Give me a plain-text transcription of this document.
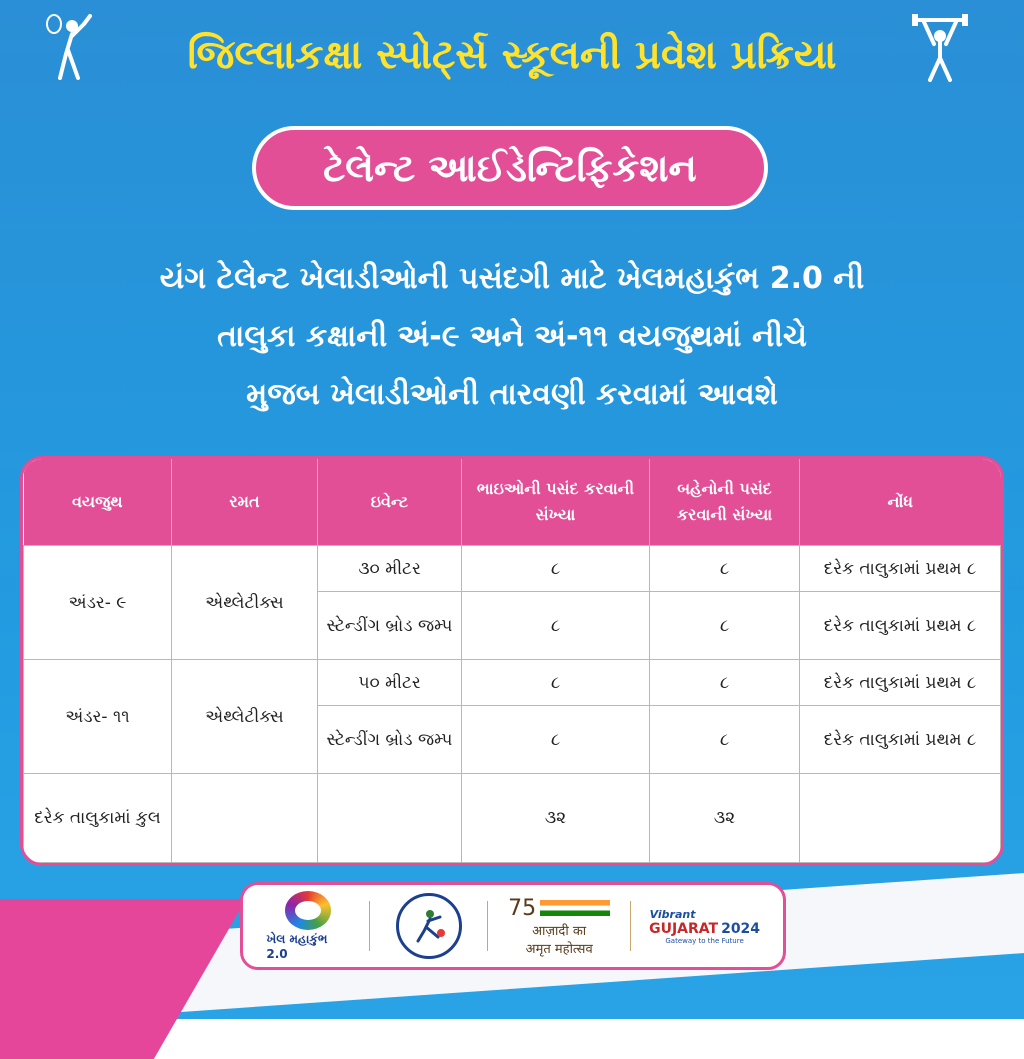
જિલ્લાકક્ષા સ્પોર્ટ્સ સ્કૂલની પ્રવેશ પ્રક્રિયા
ટેલેન્ટ આઈડેન્ટિફિકેશન
યંગ ટેલેન્ટ ખેલાડીઓની પસંદગી માટે ખેલમહાકુંભ 2.0 ની
તાલુકા કક્ષાની અં-૯ અને અં-૧૧ વયજુથમાં નીચે
મુજબ ખેલાડીઓની તારવણી કરવામાં આવશે
વયજુથ	રમત	ઇવેન્ટ	ભાઇઓની પસંદ કરવાની સંખ્યા	બહેનોની પસંદ કરવાની સંખ્યા	નોંધ
અંડર- ૯	એથ્લેટીક્સ	૩૦ મીટર	૮	૮	દરેક તાલુકામાં પ્રથમ ૮
		સ્ટેન્ડીંગ બ્રોડ જમ્પ	૮	૮	દરેક તાલુકામાં પ્રથમ ૮
અંડર- ૧૧	એથ્લેટીક્સ	૫૦ મીટર	૮	૮	દરેક તાલુકામાં પ્રથમ ૮
		સ્ટેન્ડીંગ બ્રોડ જમ્પ	૮	૮	દરેક તાલુકામાં પ્રથમ ૮
દરેક તાલુકામાં કુલ			૩૨	૩૨	
ખેલ મહાકુંભ 2.0
75
आज़ादी का
अमृत महोत्सव
Vibrant
GUJARAT 2024
Gateway to the Future
